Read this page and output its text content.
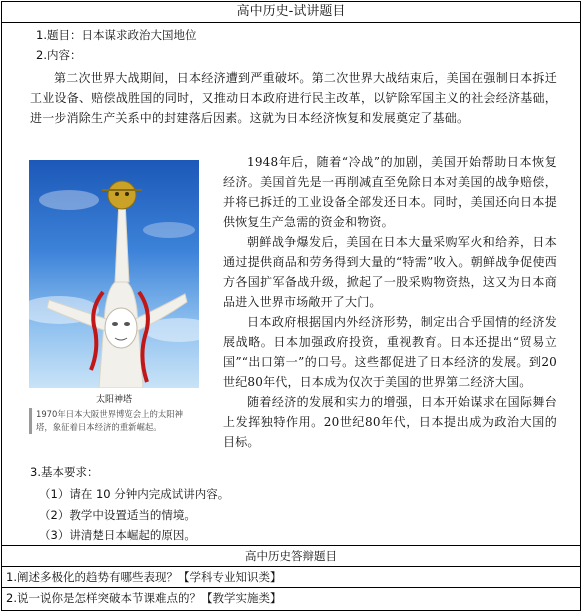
高中历史-试讲题目
1.题目：日本谋求政治大国地位
2.内容：
第二次世界大战期间，日本经济遭到严重破坏。第二次世界大战结束后，美国在强制日本拆迁工业设备、赔偿战胜国的同时，又推动日本政府进行民主改革，以铲除军国主义的社会经济基础，进一步消除生产关系中的封建落后因素。这就为日本经济恢复和发展奠定了基础。
太阳神塔
1970年日本大阪世界博览会上的太阳神塔，象征着日本经济的重新崛起。
1948年后，随着“冷战”的加剧，美国开始帮助日本恢复经济。美国首先是一再削减直至免除日本对美国的战争赔偿，并将已拆迁的工业设备全部发还日本。同时，美国还向日本提供恢复生产急需的资金和物资。
朝鲜战争爆发后，美国在日本大量采购军火和给养，日本通过提供商品和劳务得到大量的“特需”收入。朝鲜战争促使西方各国扩军备战升级，掀起了一股采购物资热，这又为日本商品进入世界市场敞开了大门。
日本政府根据国内外经济形势，制定出合乎国情的经济发展战略。日本加强政府投资，重视教育。日本还提出“贸易立国”“出口第一”的口号。这些都促进了日本经济的发展。到20世纪80年代，日本成为仅次于美国的世界第二经济大国。
随着经济的发展和实力的增强，日本开始谋求在国际舞台上发挥独特作用。20世纪80年代，日本提出成为政治大国的目标。
3.基本要求：
（1）请在 10 分钟内完成试讲内容。
（2）教学中设置适当的情境。
（3）讲清楚日本崛起的原因。
高中历史答辩题目
1.阐述多极化的趋势有哪些表现？【学科专业知识类】
2.说一说你是怎样突破本节课难点的？【教学实施类】
